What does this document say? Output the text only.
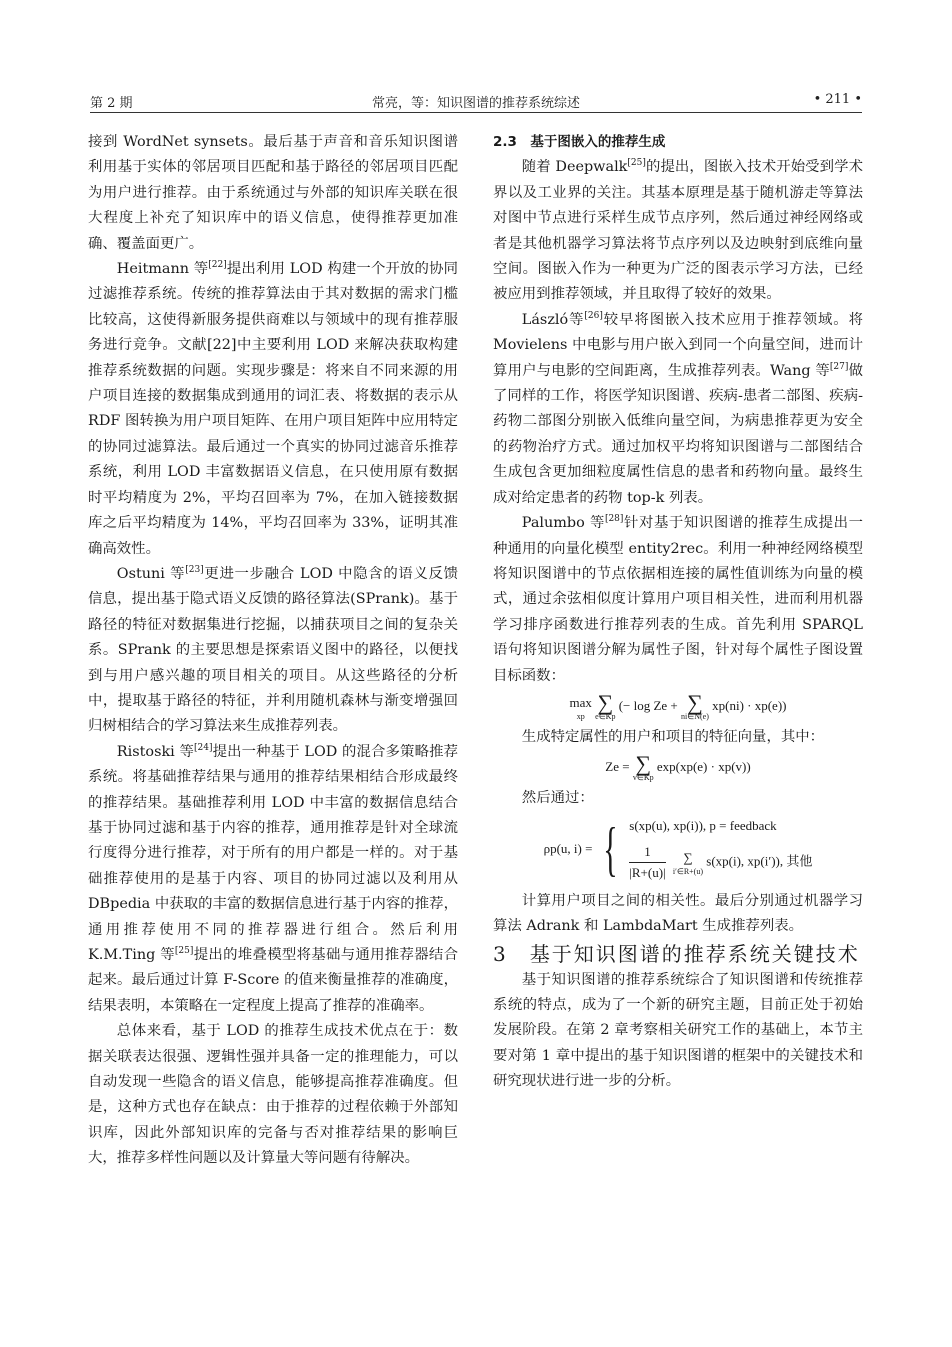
第 2 期	常亮，等：知识图谱的推荐系统综述	• 211 •

接到 WordNet synsets。最后基于声音和音乐知识图谱利用基于实体的邻居项目匹配和基于路径的邻居项目匹配为用户进行推荐。由于系统通过与外部的知识库关联在很大程度上补充了知识库中的语义信息，使得推荐更加准确、覆盖面更广。

Heitmann 等[22]提出利用 LOD 构建一个开放的协同过滤推荐系统。传统的推荐算法由于其对数据的需求门槛比较高，这使得新服务提供商难以与领域中的现有推荐服务进行竞争。文献[22]中主要利用 LOD 来解决获取构建推荐系统数据的问题。实现步骤是：将来自不同来源的用户项目连接的数据集成到通用的词汇表、将数据的表示从 RDF 图转换为用户项目矩阵、在用户项目矩阵中应用特定的协同过滤算法。最后通过一个真实的协同过滤音乐推荐系统，利用 LOD 丰富数据语义信息，在只使用原有数据时平均精度为 2%，平均召回率为 7%，在加入链接数据库之后平均精度为 14%，平均召回率为 33%，证明其准确高效性。

Ostuni 等[23]更进一步融合 LOD 中隐含的语义反馈信息，提出基于隐式语义反馈的路径算法(SPrank)。基于路径的特征对数据集进行挖掘，以捕获项目之间的复杂关系。SPrank 的主要思想是探索语义图中的路径，以便找到与用户感兴趣的项目相关的项目。从这些路径的分析中，提取基于路径的特征，并利用随机森林与渐变增强回归树相结合的学习算法来生成推荐列表。

Ristoski 等[24]提出一种基于 LOD 的混合多策略推荐系统。将基础推荐结果与通用的推荐结果相结合形成最终的推荐结果。基础推荐利用 LOD 中丰富的数据信息结合基于协同过滤和基于内容的推荐，通用推荐是针对全球流行度得分进行推荐，对于所有的用户都是一样的。对于基础推荐使用的是基于内容、项目的协同过滤以及利用从 DBpedia 中获取的丰富的数据信息进行基于内容的推荐，通用推荐使用不同的推荐器进行组合。然后利用 K.M.Ting 等[25]提出的堆叠模型将基础与通用推荐器结合起来。最后通过计算 F-Score 的值来衡量推荐的准确度，结果表明，本策略在一定程度上提高了推荐的准确率。

总体来看，基于 LOD 的推荐生成技术优点在于：数据关联表达很强、逻辑性强并具备一定的推理能力，可以自动发现一些隐含的语义信息，能够提高推荐准确度。但是，这种方式也存在缺点：由于推荐的过程依赖于外部知识库，因此外部知识库的完备与否对推荐结果的影响巨大，推荐多样性问题以及计算量大等问题有待解决。

2.3　基于图嵌入的推荐生成

随着 Deepwalk[25]的提出，图嵌入技术开始受到学术界以及工业界的关注。其基本原理是基于随机游走等算法对图中节点进行采样生成节点序列，然后通过神经网络或者是其他机器学习算法将节点序列以及边映射到底维向量空间。图嵌入作为一种更为广泛的图表示学习方法，已经被应用到推荐领域，并且取得了较好的效果。

László等[26]较早将图嵌入技术应用于推荐领域。将 Movielens 中电影与用户嵌入到同一个向量空间，进而计算用户与电影的空间距离，生成推荐列表。Wang 等[27]做了同样的工作，将医学知识图谱、疾病-患者二部图、疾病-药物二部图分别嵌入低维向量空间，为病患推荐更为安全的药物治疗方式。通过加权平均将知识图谱与二部图结合生成包含更加细粒度属性信息的患者和药物向量。最终生成对给定患者的药物 top-k 列表。

Palumbo 等[28]针对基于知识图谱的推荐生成提出一种通用的向量化模型 entity2rec。利用一种神经网络模型将知识图谱中的节点依据相连接的属性值训练为向量的模式，通过余弦相似度计算用户项目相关性，进而利用机器学习排序函数进行推荐列表的生成。首先利用 SPARQL 语句将知识图谱分解为属性子图，针对每个属性子图设置目标函数：

max
xp
∑
e∈Kp
(− log Ze + ∑
ni∈N(e)
xp(ni) · xp(e))

生成特定属性的用户和项目的特征向量，其中：

Ze = ∑
v∈Kp
exp(xp(e) · xp(v))

然后通过：

ρp(u, i) = { s(xp(u), xp(i)), p = feedback
$\frac{1}{|R+(u)|}$ ∑
i′∈R+(u)
s(xp(i), xp(i′)), 其他

计算用户项目之间的相关性。最后分别通过机器学习算法 Adrank 和 LambdaMart 生成推荐列表。

3　基于知识图谱的推荐系统关键技术

基于知识图谱的推荐系统综合了知识图谱和传统推荐系统的特点，成为了一个新的研究主题，目前正处于初始发展阶段。在第 2 章考察相关研究工作的基础上，本节主要对第 1 章中提出的基于知识图谱的框架中的关键技术和研究现状进行进一步的分析。
